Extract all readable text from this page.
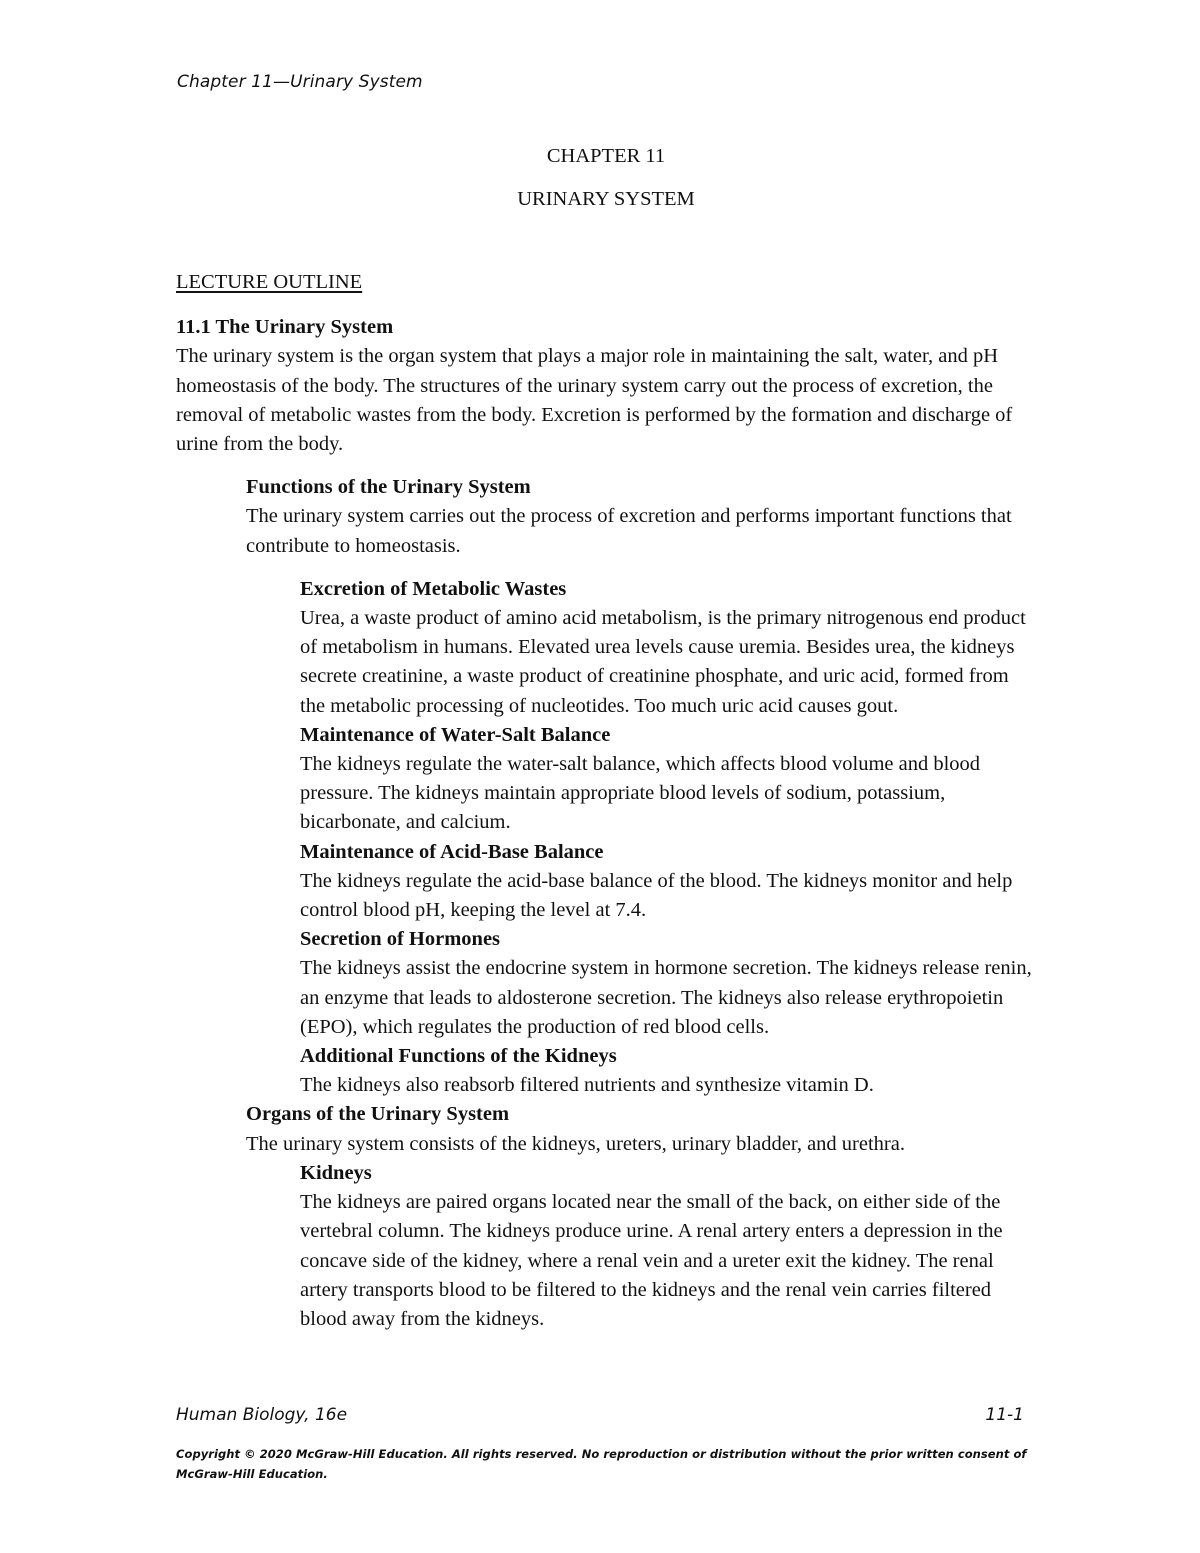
Chapter 11—Urinary System
CHAPTER 11
URINARY SYSTEM
LECTURE OUTLINE

11.1 The Urinary System

The urinary system is the organ system that plays a major role in maintaining the salt, water, and pH homeostasis of the body. The structures of the urinary system carry out the process of excretion, the removal of metabolic wastes from the body. Excretion is performed by the formation and discharge of urine from the body.

Functions of the Urinary System

The urinary system carries out the process of excretion and performs important functions that contribute to homeostasis.

Excretion of Metabolic Wastes

Urea, a waste product of amino acid metabolism, is the primary nitrogenous end product of metabolism in humans. Elevated urea levels cause uremia. Besides urea, the kidneys secrete creatinine, a waste product of creatinine phosphate, and uric acid, formed from the metabolic processing of nucleotides. Too much uric acid causes gout.

Maintenance of Water-Salt Balance

The kidneys regulate the water-salt balance, which affects blood volume and blood pressure. The kidneys maintain appropriate blood levels of sodium, potassium, bicarbonate, and calcium.

Maintenance of Acid-Base Balance

The kidneys regulate the acid-base balance of the blood. The kidneys monitor and help control blood pH, keeping the level at 7.4.

Secretion of Hormones

The kidneys assist the endocrine system in hormone secretion. The kidneys release renin, an enzyme that leads to aldosterone secretion. The kidneys also release erythropoietin (EPO), which regulates the production of red blood cells.

Additional Functions of the Kidneys

The kidneys also reabsorb filtered nutrients and synthesize vitamin D.

Organs of the Urinary System

The urinary system consists of the kidneys, ureters, urinary bladder, and urethra.

Kidneys

The kidneys are paired organs located near the small of the back, on either side of the vertebral column. The kidneys produce urine. A renal artery enters a depression in the concave side of the kidney, where a renal vein and a ureter exit the kidney. The renal artery transports blood to be filtered to the kidneys and the renal vein carries filtered blood away from the kidneys.

Human Biology, 16e	11-1
Copyright © 2020 McGraw-Hill Education. All rights reserved. No reproduction or distribution without the prior written consent of McGraw-Hill Education.
